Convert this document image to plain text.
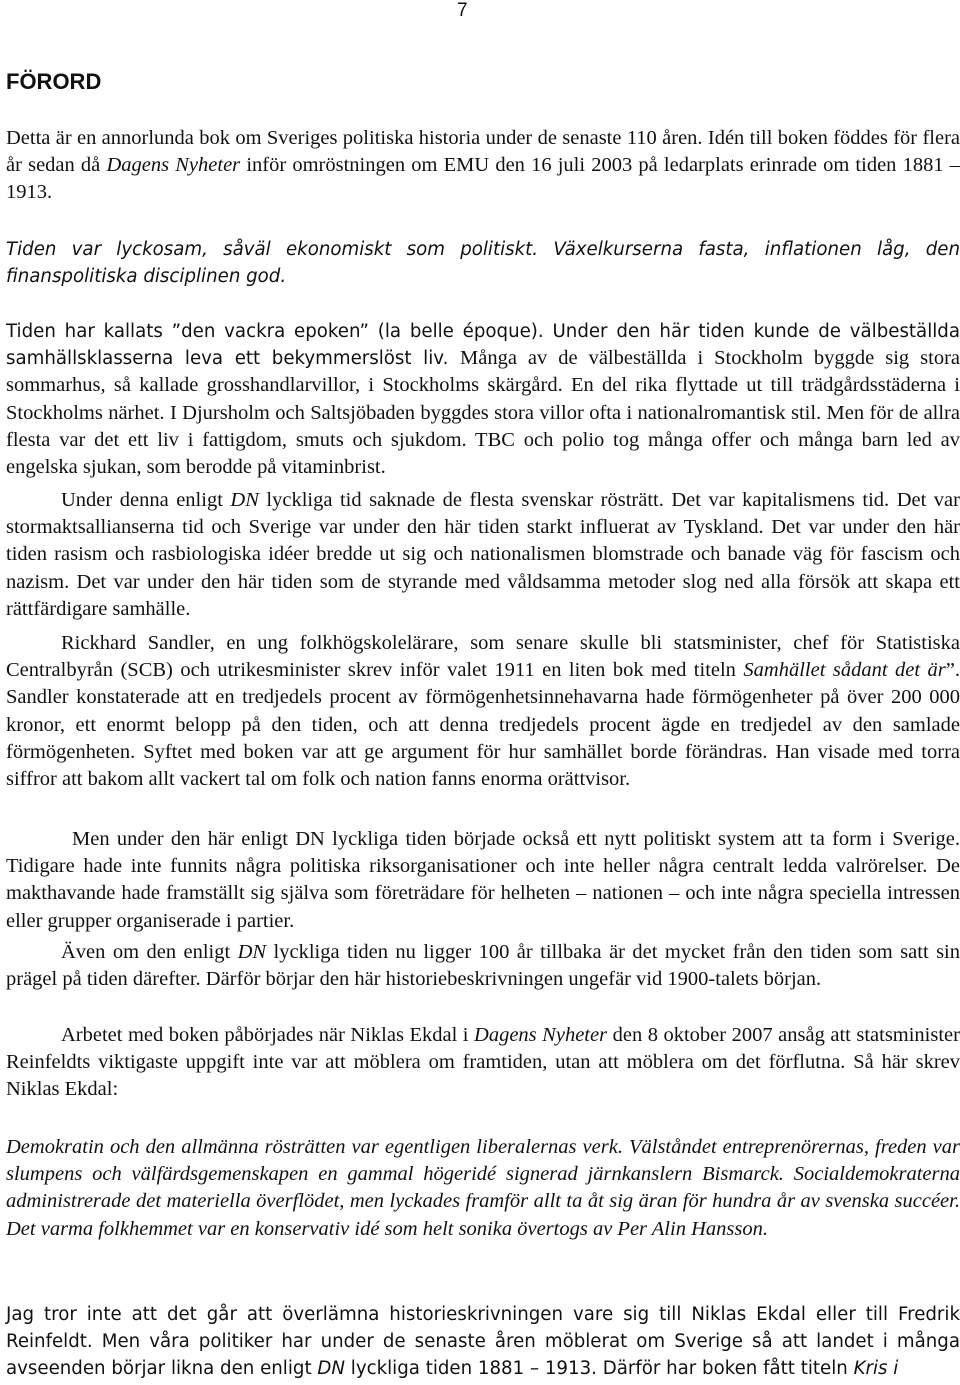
7
FÖRORD

Detta är en annorlunda bok om Sveriges politiska historia under de senaste 110 åren. Idén till boken föddes för flera år sedan då Dagens Nyheter inför omröstningen om EMU den 16 juli 2003 på ledarplats erinrade om tiden 1881 – 1913.

Tiden var lyckosam, såväl ekonomiskt som politiskt. Växelkurserna fasta, inflationen låg, den finanspolitiska disciplinen god.

Tiden har kallats ”den vackra epoken” (la belle époque). Under den här tiden kunde de välbeställda samhällsklasserna leva ett bekymmerslöst liv. Många av de välbeställda i Stockholm byggde sig stora sommarhus, så kallade grosshandlarvillor, i Stockholms skärgård. En del rika flyttade ut till trädgårdsstäderna i Stockholms närhet. I Djursholm och Saltsjöbaden byggdes stora villor ofta i nationalromantisk stil. Men för de allra flesta var det ett liv i fattigdom, smuts och sjukdom. TBC och polio tog många offer och många barn led av engelska sjukan, som berodde på vitaminbrist.

Under denna enligt DN lyckliga tid saknade de flesta svenskar rösträtt. Det var kapitalismens tid. Det var stormaktsallianserna tid och Sverige var under den här tiden starkt influerat av Tyskland. Det var under den här tiden rasism och rasbiologiska idéer bredde ut sig och nationalismen blomstrade och banade väg för fascism och nazism. Det var under den här tiden som de styrande med våldsamma metoder slog ned alla försök att skapa ett rättfärdigare samhälle.

Rickhard Sandler, en ung folkhögskolelärare, som senare skulle bli statsminister, chef för Statistiska Centralbyrån (SCB) och utrikesminister skrev inför valet 1911 en liten bok med titeln Samhället sådant det är”. Sandler konstaterade att en tredjedels procent av förmögenhetsinnehavarna hade förmögenheter på över 200 000 kronor, ett enormt belopp på den tiden, och att denna tredjedels procent ägde en tredjedel av den samlade förmögenheten. Syftet med boken var att ge argument för hur samhället borde förändras. Han visade med torra siffror att bakom allt vackert tal om folk och nation fanns enorma orättvisor.

Men under den här enligt DN lyckliga tiden började också ett nytt politiskt system att ta form i Sverige. Tidigare hade inte funnits några politiska riksorganisationer och inte heller några centralt ledda valrörelser. De makthavande hade framställt sig själva som företrädare för helheten – nationen – och inte några speciella intressen eller grupper organiserade i partier.

Även om den enligt DN lyckliga tiden nu ligger 100 år tillbaka är det mycket från den tiden som satt sin prägel på tiden därefter. Därför börjar den här historiebeskrivningen ungefär vid 1900-talets början.

Arbetet med boken påbörjades när Niklas Ekdal i Dagens Nyheter den 8 oktober 2007 ansåg att statsminister Reinfeldts viktigaste uppgift inte var att möblera om framtiden, utan att möblera om det förflutna. Så här skrev Niklas Ekdal:

Demokratin och den allmänna rösträtten var egentligen liberalernas verk. Välståndet entreprenörernas, freden var slumpens och välfärdsgemenskapen en gammal högeridé signerad järnkanslern Bismarck. Socialdemokraterna administrerade det materiella överflödet, men lyckades framför allt ta åt sig äran för hundra år av svenska succéer. Det varma folkhemmet var en konservativ idé som helt sonika övertogs av Per Alin Hansson.

Jag tror inte att det går att överlämna historieskrivningen vare sig till Niklas Ekdal eller till Fredrik Reinfeldt. Men våra politiker har under de senaste åren möblerat om Sverige så att landet i många avseenden börjar likna den enligt DN lyckliga tiden 1881 – 1913. Därför har boken fått titeln Kris i
